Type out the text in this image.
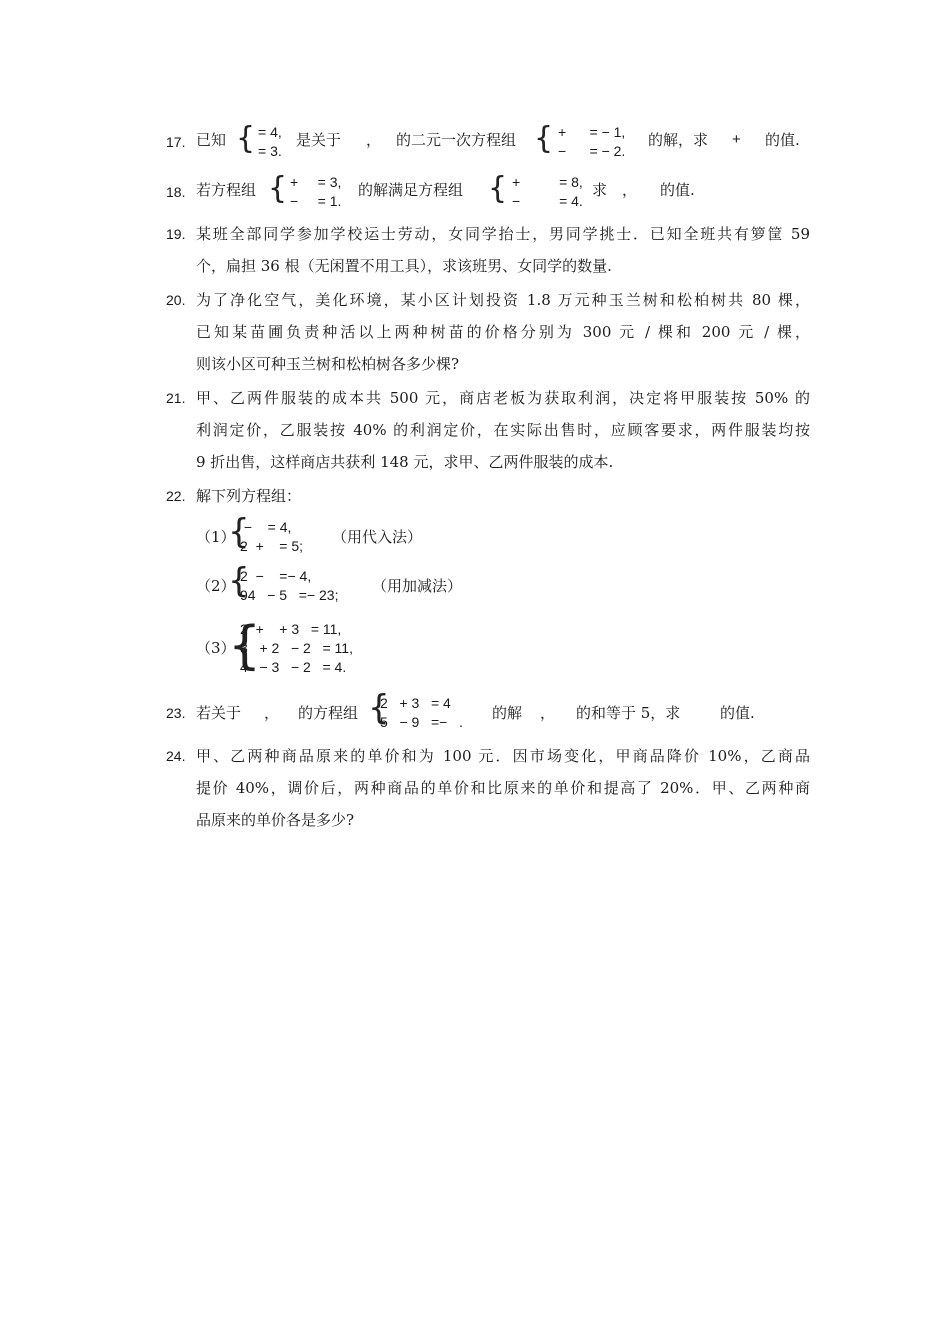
17. 已知 { = 4,
= 3.
是关于 ， 的二元一次方程组 { +      = − 1,
−      = − 2.
的解，求 + 的值.
18. 若方程组 { +     = 3,
−     = 1.
的解满足方程组 { +          = 8,
−          = 4.
求 ， 的值.
19. 某班全部同学参加学校运士劳动，女同学抬士，男同学挑士．已知全班共有箩筐 59
个，扁担 36 根（无闲置不用工具），求该班男、女同学的数量.
20. 为了净化空气，美化环境，某小区计划投资 1.8 万元种玉兰树和松柏树共 80 棵，
已知某苗圃负责种活以上两种树苗的价格分别为 300 元 / 棵和 200 元 / 棵，
则该小区可种玉兰树和松柏树各多少棵?
21. 甲、乙两件服装的成本共 500 元，商店老板为获取利润，决定将甲服装按 50% 的
利润定价，乙服装按 40% 的利润定价，在实际出售时，应顾客要求，两件服装均按
9 折出售，这样商店共获利 148 元，求甲、乙两件服装的成本.
22. 解下列方程组：
（1）
{
−    = 4,
2  +    = 5; （用代入法）
（2）
{
2  −    =− 4,
94   − 5   =− 23; （用加减法）
（3）
{
2  +    + 3   = 11,
3   + 2   − 2   = 11,
4   − 3   − 2   = 4.
23. 若关于 ， 的方程组 {
2   + 3   = 4
5   − 9   =−   . 的解 ， 的和等于 5，求	的值.
24. 甲、乙两种商品原来的单价和为 100 元．因市场变化，甲商品降价 10%，乙商品
提价 40%，调价后，两种商品的单价和比原来的单价和提高了 20%．甲、乙两种商
品原来的单价各是多少?
